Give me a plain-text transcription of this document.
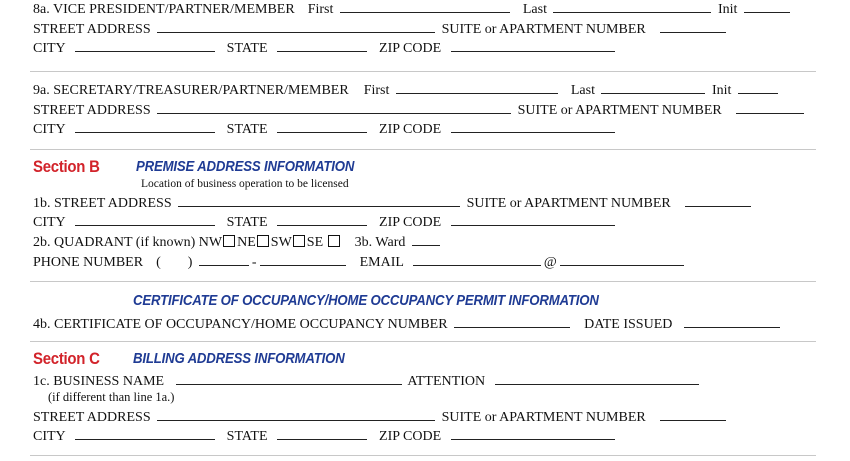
8a. VICE PRESIDENT/PARTNER/MEMBER First	Last	Init
STREET ADDRESS	SUITE or APARTMENT NUMBER
CITY	STATE	ZIP CODE
9a. SECRETARY/TREASURER/PARTNER/MEMBER First	Last	Init
STREET ADDRESS	SUITE or APARTMENT NUMBER
CITY	STATE	ZIP CODE
Section B PREMISE ADDRESS INFORMATION
Location of business operation to be licensed
1b. STREET ADDRESS	SUITE or APARTMENT NUMBER
CITY	STATE	ZIP CODE
2b. QUADRANT (if known) NW NE SW SE 3b. Ward
PHONE NUMBER ( )	-	EMAIL	@
CERTIFICATE OF OCCUPANCY/HOME OCCUPANCY PERMIT INFORMATION
4b. CERTIFICATE OF OCCUPANCY/HOME OCCUPANCY NUMBER	DATE ISSUED
Section C BILLING ADDRESS INFORMATION
1c. BUSINESS NAME	ATTENTION
(if different than line 1a.)
STREET ADDRESS	SUITE or APARTMENT NUMBER
CITY	STATE	ZIP CODE
